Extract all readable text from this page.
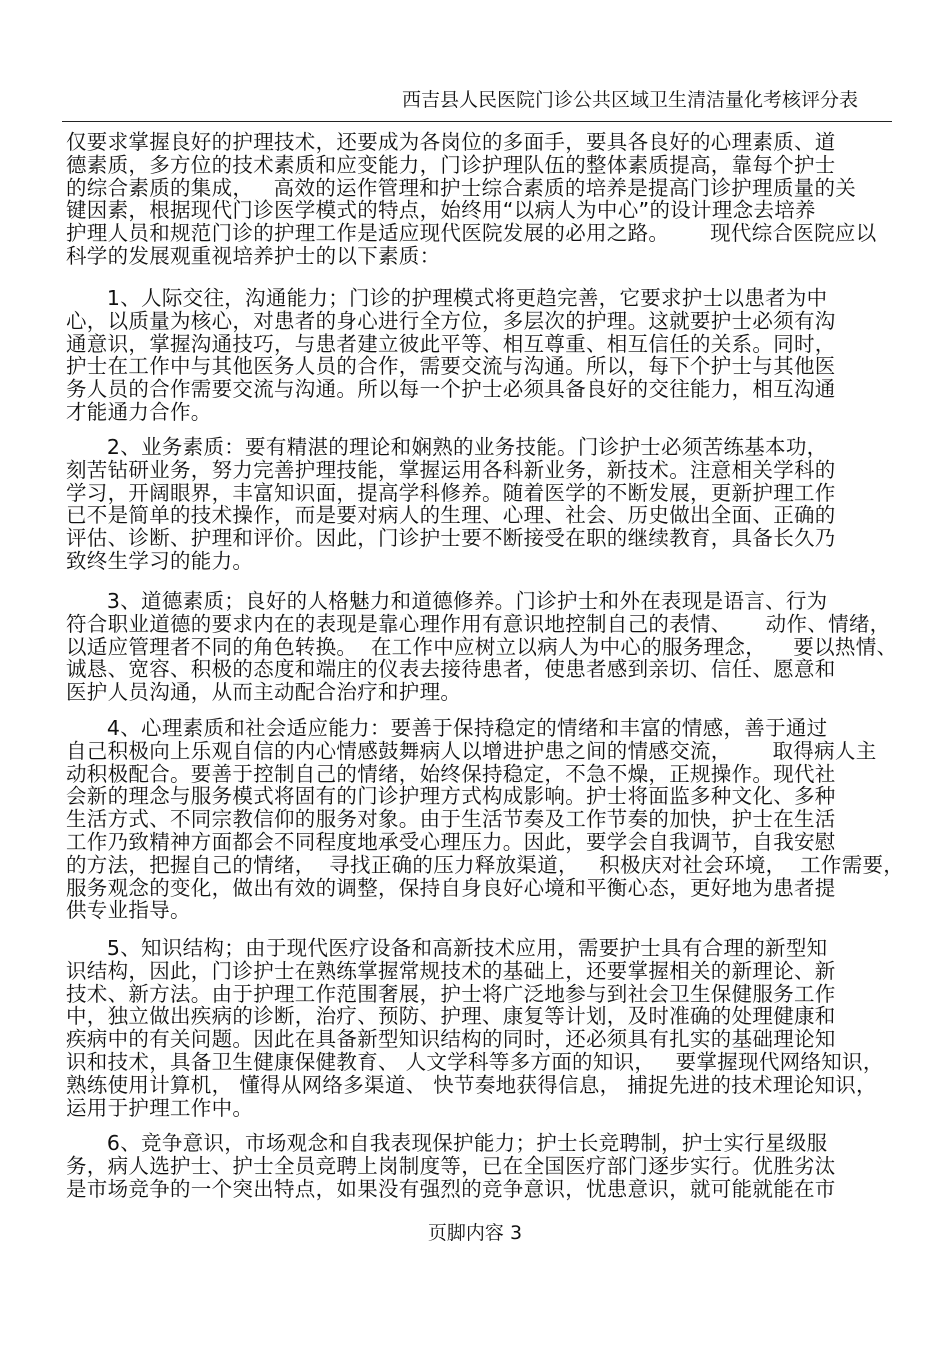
西吉县人民医院门诊公共区域卫生清洁量化考核评分表
仅要求掌握良好的护理技术，还要成为各岗位的多面手，要具各良好的心理素质、道
德素质，多方位的技术素质和应变能力，门诊护理队伍的整体素质提高，靠每个护士
的综合素质的集成，   高效的运作管理和护士综合素质的培养是提高门诊护理质量的关
键因素，根据现代门诊医学模式的特点，始终用“以病人为中心”的设计理念去培养
护理人员和规范门诊的护理工作是适应现代医院发展的必用之路。      现代综合医院应以
科学的发展观重视培养护士的以下素质：
1、人际交往，沟通能力；门诊的护理模式将更趋完善，它要求护士以患者为中
心，以质量为核心，对患者的身心进行全方位，多层次的护理。这就要护士必须有沟
通意识，掌握沟通技巧，与患者建立彼此平等、相互尊重、相互信任的关系。同时，
护士在工作中与其他医务人员的合作，需要交流与沟通。所以，每下个护士与其他医
务人员的合作需要交流与沟通。所以每一个护士必须具备良好的交往能力，相互沟通
才能通力合作。
2、业务素质：要有精湛的理论和娴熟的业务技能。门诊护士必须苦练基本功，
刻苦钻研业务，努力完善护理技能，掌握运用各科新业务，新技术。注意相关学科的
学习，开阔眼界，丰富知识面，提高学科修养。随着医学的不断发展，更新护理工作
已不是简单的技术操作，而是要对病人的生理、心理、社会、历史做出全面、正确的
评估、诊断、护理和评价。因此，门诊护士要不断接受在职的继续教育，具备长久乃
致终生学习的能力。
3、道德素质；良好的人格魅力和道德修养。门诊护士和外在表现是语言、行为
符合职业道德的要求内在的表现是靠心理作用有意识地控制自己的表情、     动作、情绪，
以适应管理者不同的角色转换。  在工作中应树立以病人为中心的服务理念，    要以热情、
诚恳、宽容、积极的态度和端庄的仪表去接待患者，使患者感到亲切、信任、愿意和
医护人员沟通，从而主动配合治疗和护理。
4、心理素质和社会适应能力：要善于保持稳定的情绪和丰富的情感，善于通过
自己积极向上乐观自信的内心情感鼓舞病人以增进护患之间的情感交流，      取得病人主
动积极配合。要善于控制自己的情绪，始终保持稳定，不急不燥，正规操作。现代社
会新的理念与服务模式将固有的门诊护理方式构成影响。护士将面监多种文化、多种
生活方式、不同宗教信仰的服务对象。由于生活节奏及工作节奏的加快，护士在生活
工作乃致精神方面都会不同程度地承受心理压力。因此，要学会自我调节，自我安慰
的方法，把握自己的情绪，  寻找正确的压力释放渠道，   积极庆对社会环境，  工作需要，
服务观念的变化，做出有效的调整，保持自身良好心境和平衡心态，更好地为患者提
供专业指导。
5、知识结构；由于现代医疗设备和高新技术应用，需要护士具有合理的新型知
识结构，因此，门诊护士在熟练掌握常规技术的基础上，还要掌握相关的新理论、新
技术、新方法。由于护理工作范围奢展，护士将广泛地参与到社会卫生保健服务工作
中，独立做出疾病的诊断，治疗、预防、护理、康复等计划，及时准确的处理健康和
疾病中的有关问题。因此在具备新型知识结构的同时，还必须具有扎实的基础理论知
识和技术，具备卫生健康保健教育、 人文学科等多方面的知识，   要掌握现代网络知识，
熟练使用计算机， 懂得从网络多渠道、 快节奏地获得信息， 捕捉先进的技术理论知识，
运用于护理工作中。
6、竞争意识，市场观念和自我表现保护能力；护士长竞聘制，护士实行星级服
务，病人选护士、护士全员竞聘上岗制度等，已在全国医疗部门逐步实行。优胜劣汰
是市场竞争的一个突出特点，如果没有强烈的竞争意识，忧患意识，就可能就能在市
页脚内容 3
